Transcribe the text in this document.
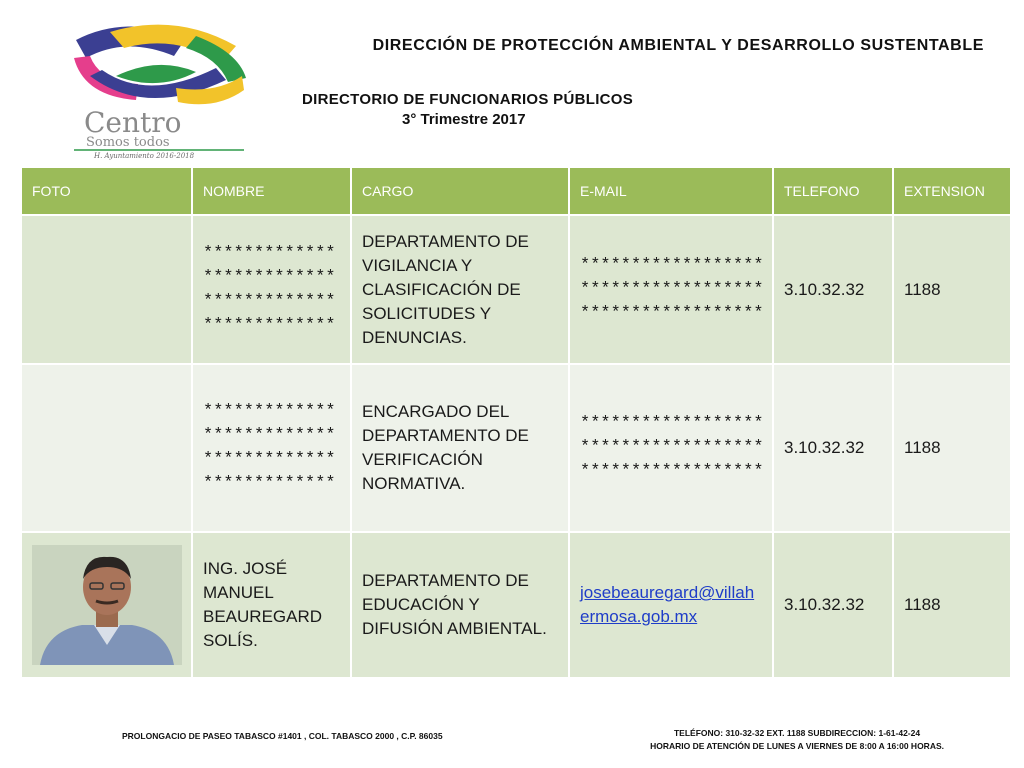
Centro
Somos todos
H. Ayuntamiento 2016-2018
DIRECCIÓN DE PROTECCIÓN AMBIENTAL Y DESARROLLO SUSTENTABLE
DIRECTORIO DE FUNCIONARIOS PÚBLICOS
3° Trimestre 2017
FOTO	NOMBRE	CARGO	E-MAIL	TELEFONO	EXTENSION
	*************
*************
*************
*************	DEPARTAMENTO DE VIGILANCIA Y CLASIFICACIÓN DE SOLICITUDES Y DENUNCIAS.	******************
******************
******************	3.10.32.32	1188
	*************
*************
*************
*************	ENCARGADO DEL DEPARTAMENTO DE VERIFICACIÓN NORMATIVA.	******************
******************
******************	3.10.32.32	1188

	ING. JOSÉ MANUEL BEAUREGARD SOLÍS.	DEPARTAMENTO DE EDUCACIÓN Y DIFUSIÓN AMBIENTAL.	josebeauregard@villahermosa.gob.mx	3.10.32.32	1188
PROLONGACIO DE PASEO TABASCO #1401 , COL. TABASCO 2000 , C.P. 86035	TELÉFONO: 310-32-32 EXT. 1188 SUBDIRECCION: 1-61-42-24
HORARIO DE ATENCIÓN DE LUNES A VIERNES DE 8:00 A 16:00 HORAS.
